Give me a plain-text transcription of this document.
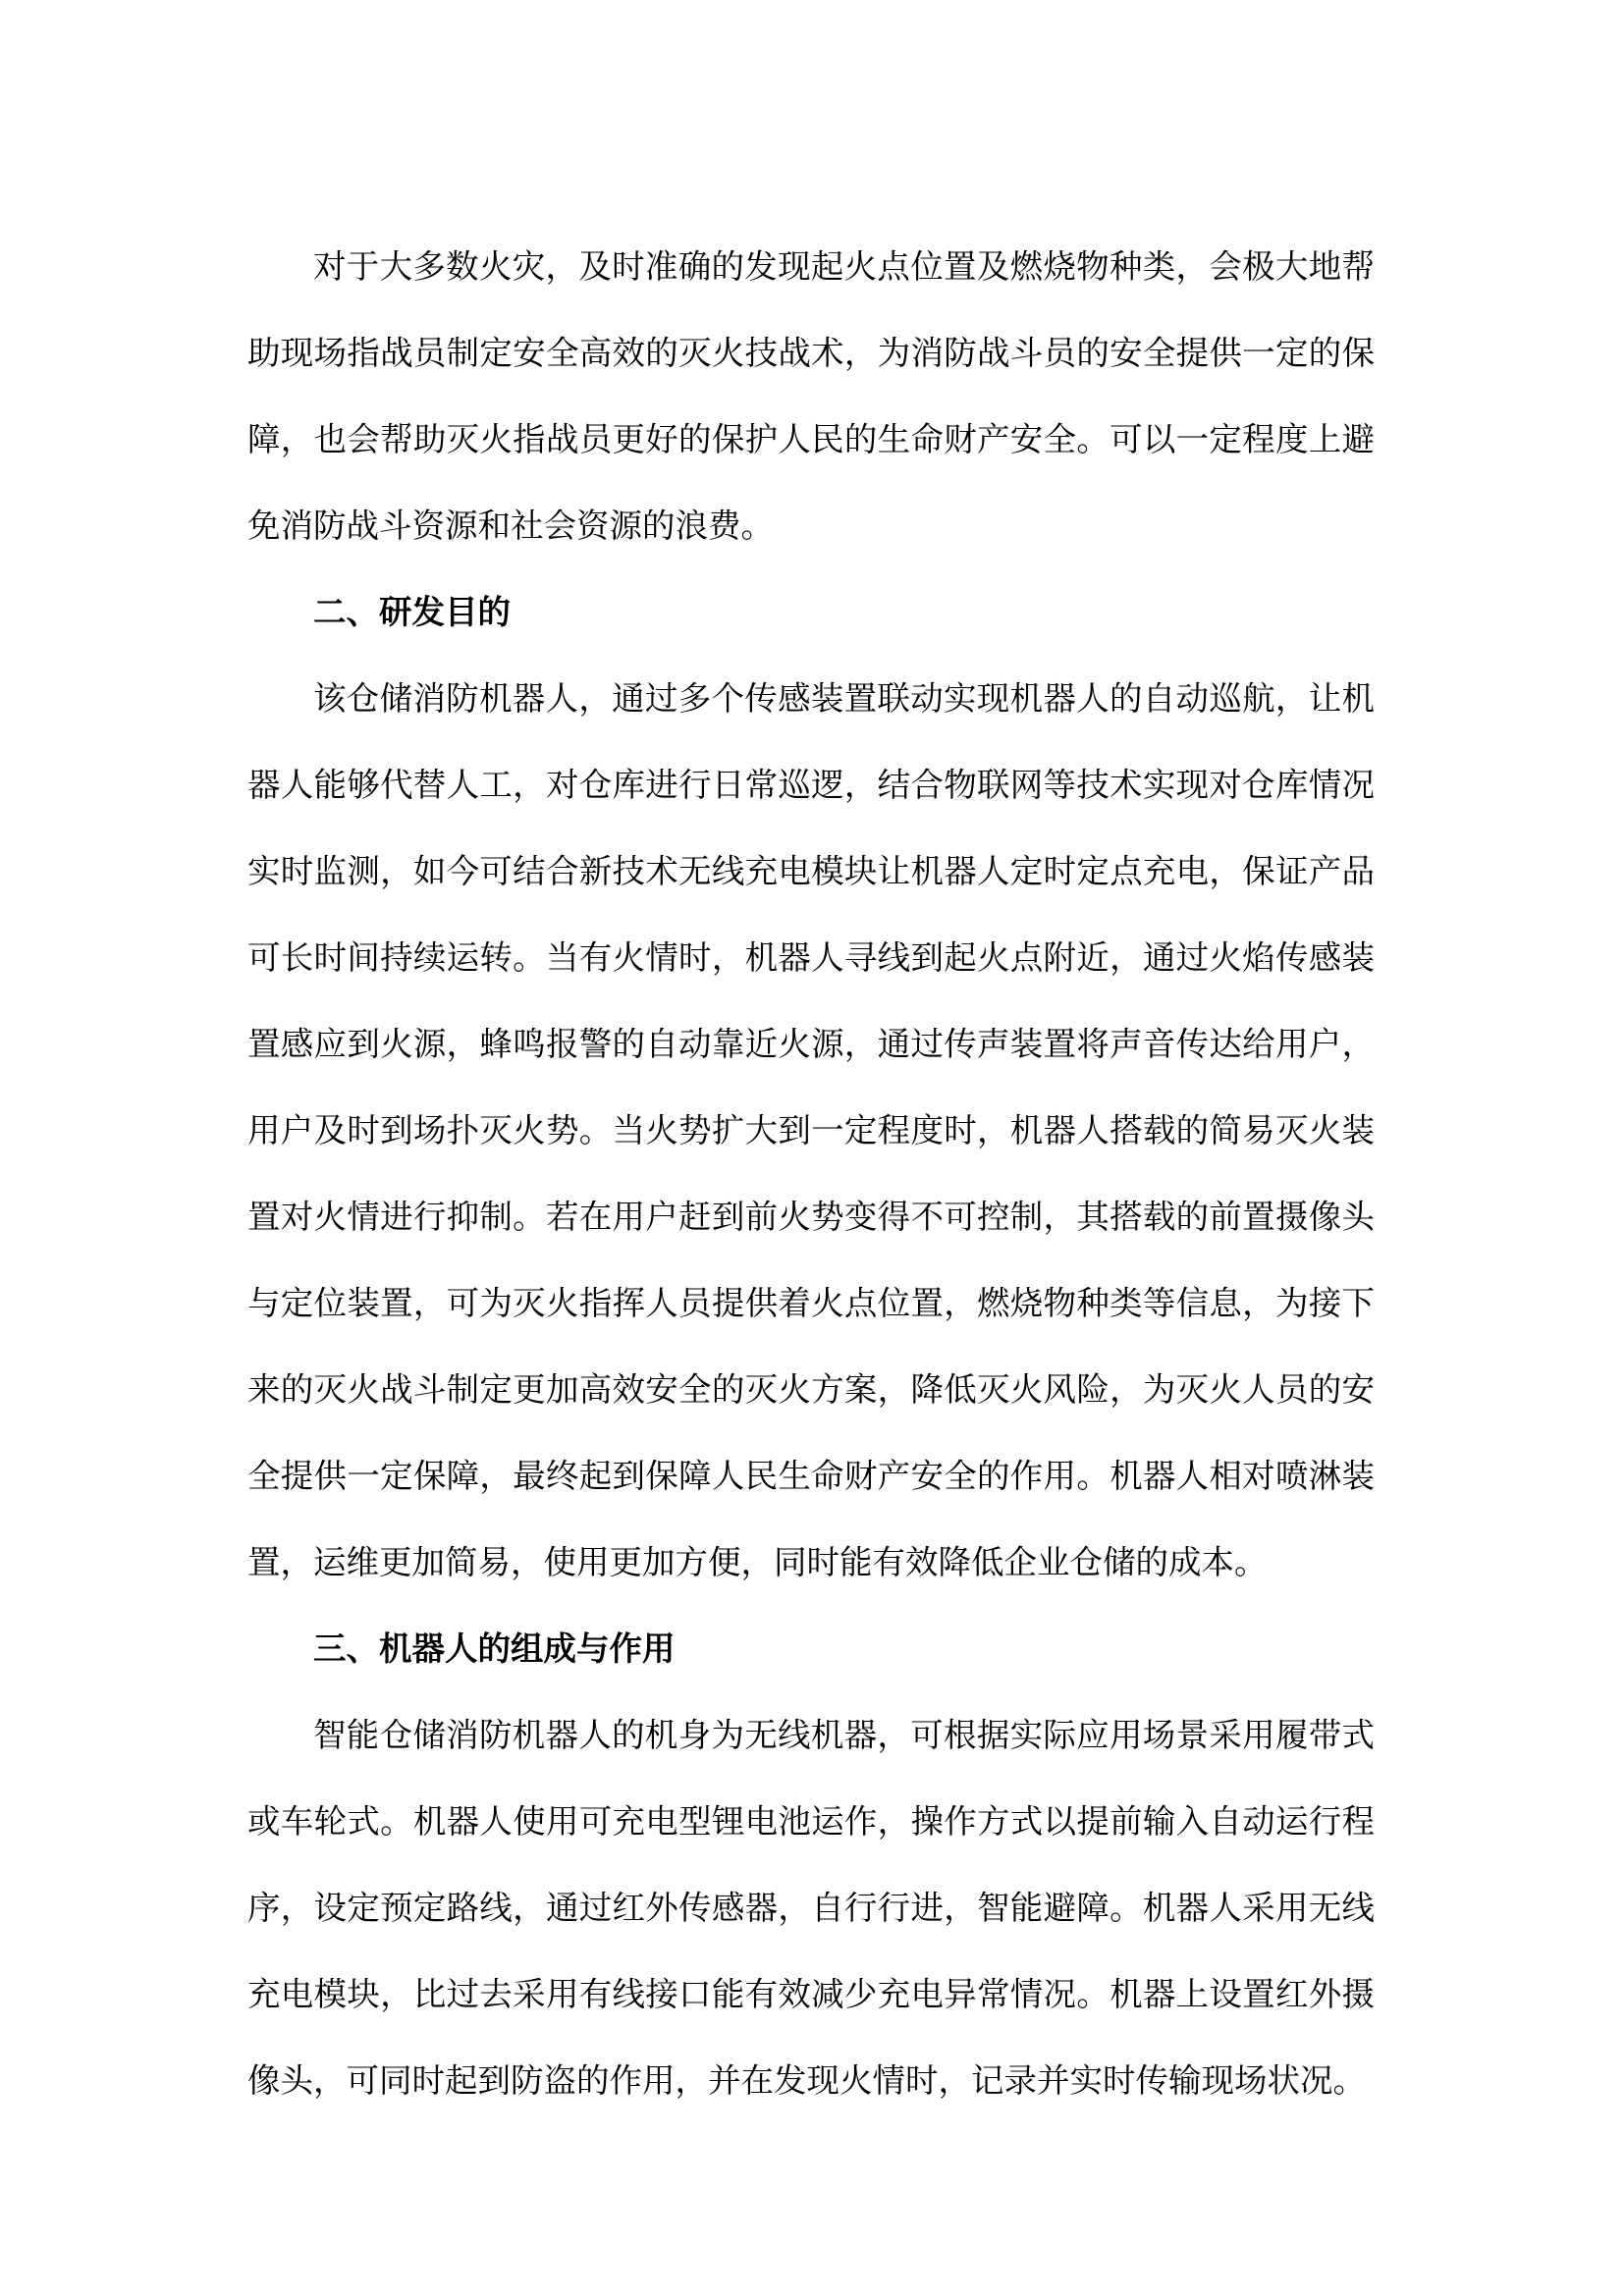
对于大多数火灾，及时准确的发现起火点位置及燃烧物种类，会极大地帮
助现场指战员制定安全高效的灭火技战术，为消防战斗员的安全提供一定的保
障，也会帮助灭火指战员更好的保护人民的生命财产安全。可以一定程度上避
免消防战斗资源和社会资源的浪费。
二、研发目的
该仓储消防机器人，通过多个传感装置联动实现机器人的自动巡航，让机
器人能够代替人工，对仓库进行日常巡逻，结合物联网等技术实现对仓库情况
实时监测，如今可结合新技术无线充电模块让机器人定时定点充电，保证产品
可长时间持续运转。当有火情时，机器人寻线到起火点附近，通过火焰传感装
置感应到火源，蜂鸣报警的自动靠近火源，通过传声装置将声音传达给用户，
用户及时到场扑灭火势。当火势扩大到一定程度时，机器人搭载的简易灭火装
置对火情进行抑制。若在用户赶到前火势变得不可控制，其搭载的前置摄像头
与定位装置，可为灭火指挥人员提供着火点位置，燃烧物种类等信息，为接下
来的灭火战斗制定更加高效安全的灭火方案，降低灭火风险，为灭火人员的安
全提供一定保障，最终起到保障人民生命财产安全的作用。机器人相对喷淋装
置，运维更加简易，使用更加方便，同时能有效降低企业仓储的成本。
三、机器人的组成与作用
智能仓储消防机器人的机身为无线机器，可根据实际应用场景采用履带式
或车轮式。机器人使用可充电型锂电池运作，操作方式以提前输入自动运行程
序，设定预定路线，通过红外传感器，自行行进，智能避障。机器人采用无线
充电模块，比过去采用有线接口能有效减少充电异常情况。机器上设置红外摄
像头，可同时起到防盗的作用，并在发现火情时，记录并实时传输现场状况。
